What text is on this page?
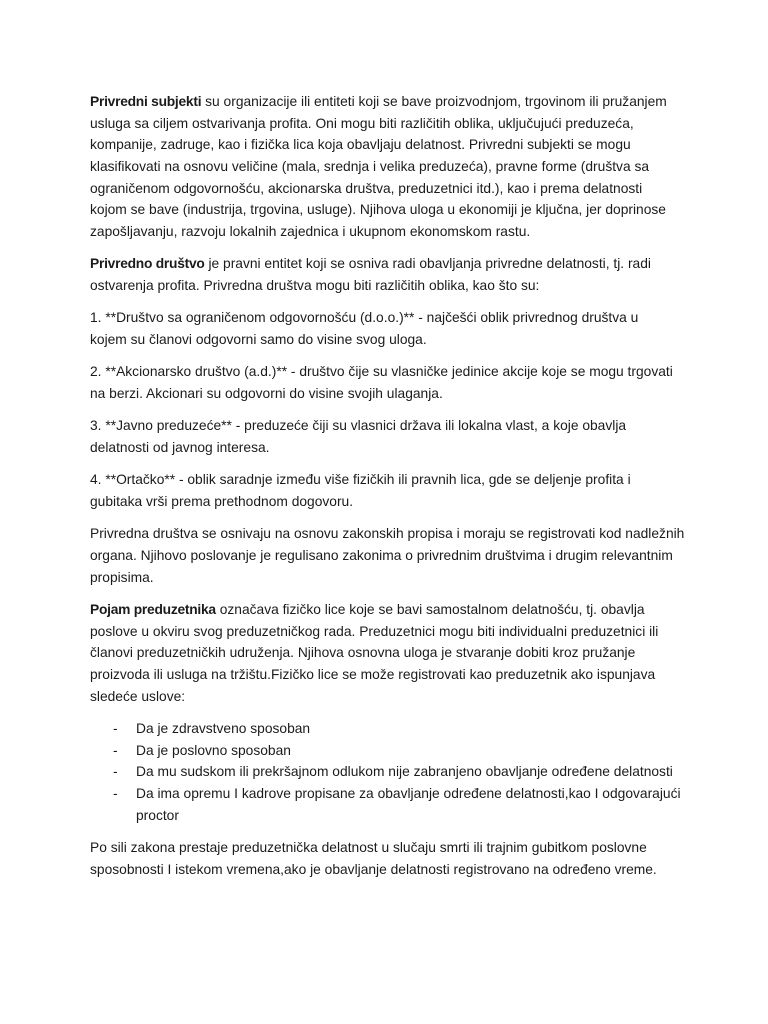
Privredni subjekti su organizacije ili entiteti koji se bave proizvodnjom, trgovinom ili pružanjem
usluga sa ciljem ostvarivanja profita. Oni mogu biti različitih oblika, uključujući preduzeća,
kompanije, zadruge, kao i fizička lica koja obavljaju delatnost. Privredni subjekti se mogu
klasifikovati na osnovu veličine (mala, srednja i velika preduzeća), pravne forme (društva sa
ograničenom odgovornošću, akcionarska društva, preduzetnici itd.), kao i prema delatnosti
kojom se bave (industrija, trgovina, usluge). Njihova uloga u ekonomiji je ključna, jer doprinose
zapošljavanju, razvoju lokalnih zajednica i ukupnom ekonomskom rastu.
Privredno društvo je pravni entitet koji se osniva radi obavljanja privredne delatnosti, tj. radi
ostvarenja profita. Privredna društva mogu biti različitih oblika, kao što su:
1. **Društvo sa ograničenom odgovornošću (d.o.o.)** - najčešći oblik privrednog društva u
kojem su članovi odgovorni samo do visine svog uloga.
2. **Akcionarsko društvo (a.d.)** - društvo čije su vlasničke jedinice akcije koje se mogu trgovati
na berzi. Akcionari su odgovorni do visine svojih ulaganja.
3. **Javno preduzeće** - preduzeće čiji su vlasnici država ili lokalna vlast, a koje obavlja
delatnosti od javnog interesa.
4. **Ortačko** - oblik saradnje između više fizičkih ili pravnih lica, gde se deljenje profita i
gubitaka vrši prema prethodnom dogovoru.
Privredna društva se osnivaju na osnovu zakonskih propisa i moraju se registrovati kod nadležnih
organa. Njihovo poslovanje je regulisano zakonima o privrednim društvima i drugim relevantnim
propisima.
Pojam preduzetnika označava fizičko lice koje se bavi samostalnom delatnošću, tj. obavlja
poslove u okviru svog preduzetničkog rada. Preduzetnici mogu biti individualni preduzetnici ili
članovi preduzetničkih udruženja. Njihova osnovna uloga je stvaranje dobiti kroz pružanje
proizvoda ili usluga na tržištu.Fizičko lice se može registrovati kao preduzetnik ako ispunjava
sledeće uslove:
- Da je zdravstveno sposoban
- Da je poslovno sposoban
- Da mu sudskom ili prekršajnom odlukom nije zabranjeno obavljanje određene delatnosti
- Da ima opremu I kadrove propisane za obavljanje određene delatnosti,kao I odgovarajući
proctor
Po sili zakona prestaje preduzetnička delatnost u slučaju smrti ili trajnim gubitkom poslovne
sposobnosti I istekom vremena,ako je obavljanje delatnosti registrovano na određeno vreme.
